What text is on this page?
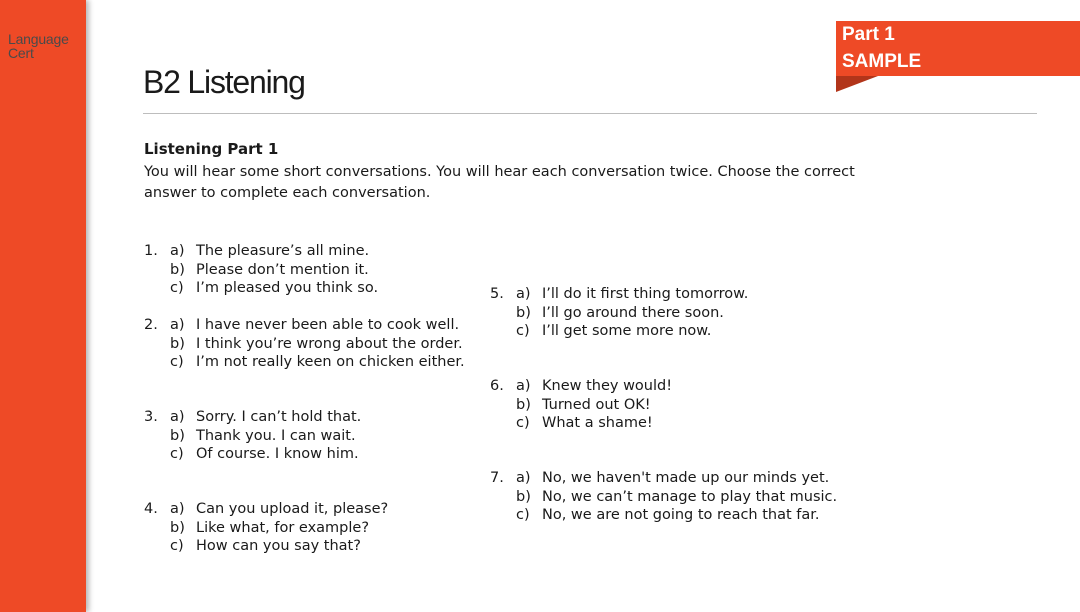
Language
Cert
B2 Listening
Part 1
SAMPLE
Listening Part 1
You will hear some short conversations. You will hear each conversation twice. Choose the correct answer to complete each conversation.
1. a) The pleasure’s all mine.
b) Please don’t mention it.
c) I’m pleased you think so.
2. a) I have never been able to cook well.
b) I think you’re wrong about the order.
c) I’m not really keen on chicken either.
3. a) Sorry. I can’t hold that.
b) Thank you. I can wait.
c) Of course. I know him.
4. a) Can you upload it, please?
b) Like what, for example?
c) How can you say that?
5. a) I’ll do it first thing tomorrow.
b) I’ll go around there soon.
c) I’ll get some more now.
6. a) Knew they would!
b) Turned out OK!
c) What a shame!
7. a) No, we haven't made up our minds yet.
b) No, we can’t manage to play that music.
c) No, we are not going to reach that far.
